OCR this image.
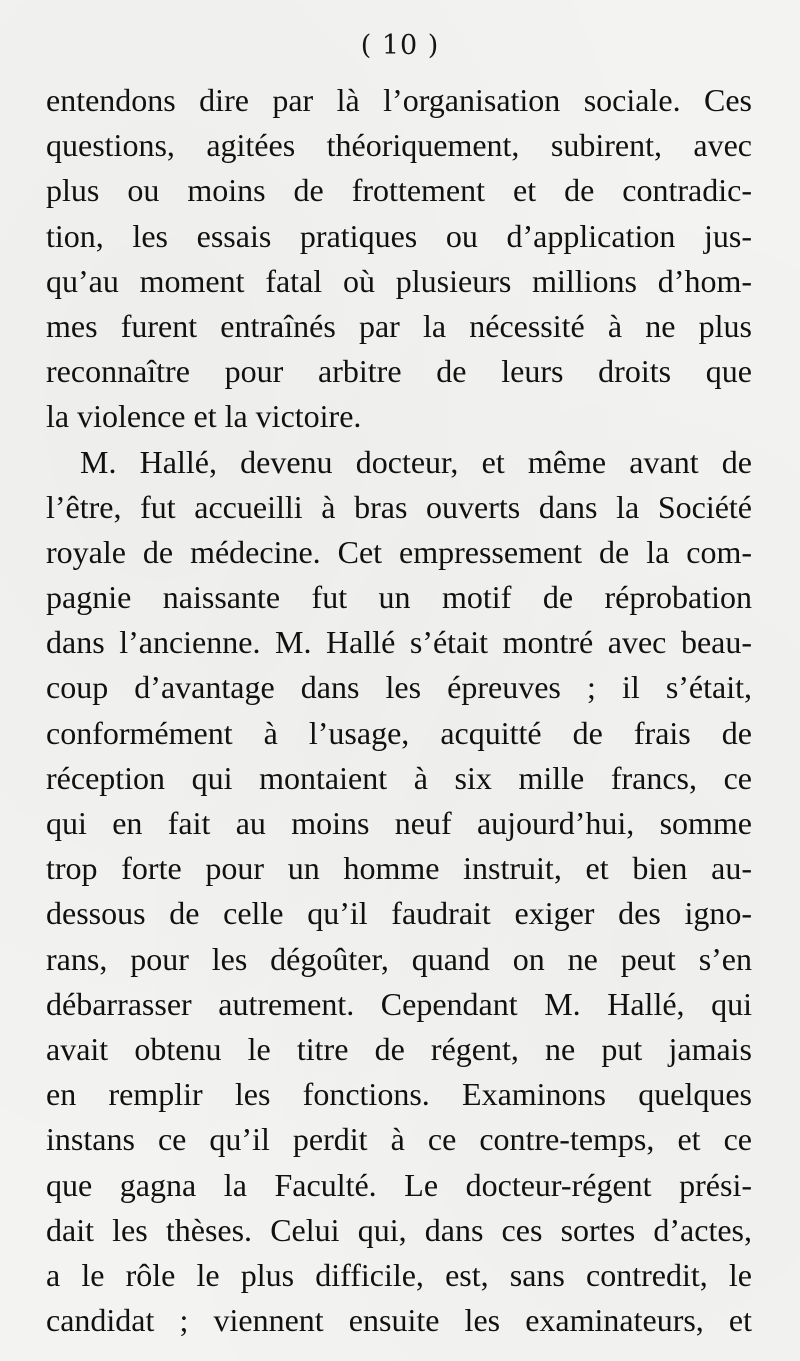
( 10 )
entendons dire par là l’organisation sociale. Ces
questions, agitées théoriquement, subirent, avec
plus ou moins de frottement et de contradic-
tion, les essais pratiques ou d’application jus-
qu’au moment fatal où plusieurs millions d’hom-
mes furent entraînés par la nécessité à ne plus
reconnaître pour arbitre de leurs droits que
la violence et la victoire.
M. Hallé, devenu docteur, et même avant de
l’être, fut accueilli à bras ouverts dans la Société
royale de médecine. Cet empressement de la com-
pagnie naissante fut un motif de réprobation
dans l’ancienne. M. Hallé s’était montré avec beau-
coup d’avantage dans les épreuves ; il s’était,
conformément à l’usage, acquitté de frais de
réception qui montaient à six mille francs, ce
qui en fait au moins neuf aujourd’hui, somme
trop forte pour un homme instruit, et bien au-
dessous de celle qu’il faudrait exiger des igno-
rans, pour les dégoûter, quand on ne peut s’en
débarrasser autrement. Cependant M. Hallé, qui
avait obtenu le titre de régent, ne put jamais
en remplir les fonctions. Examinons quelques
instans ce qu’il perdit à ce contre-temps, et ce
que gagna la Faculté. Le docteur-régent prési-
dait les thèses. Celui qui, dans ces sortes d’actes,
a le rôle le plus difficile, est, sans contredit, le
candidat ; viennent ensuite les examinateurs, et
